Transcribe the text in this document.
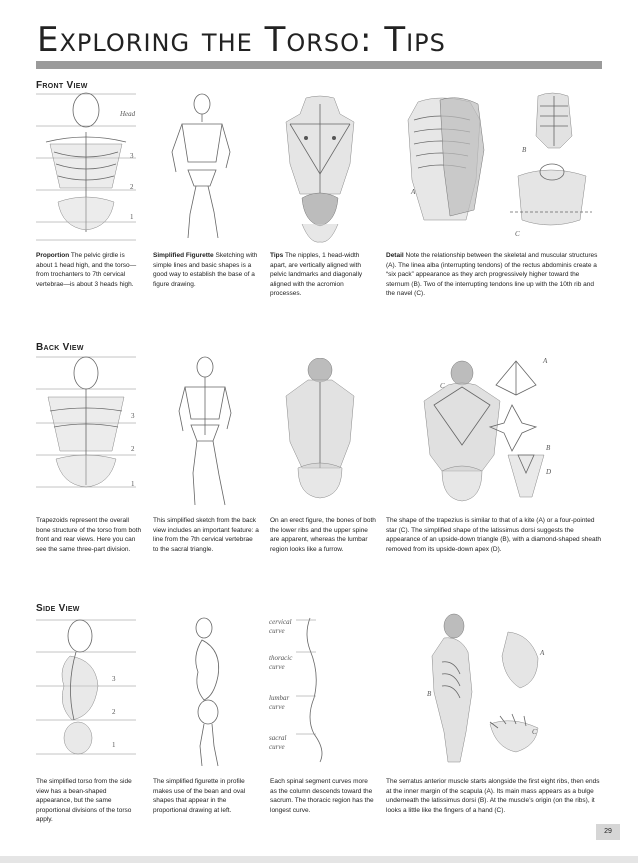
Exploring the Torso: Tips
Front View
Head
3
2
1
A
B
C
Proportion The pelvic girdle is about 1 head high, and the torso—from trochanters to 7th cervical vertebrae—is about 3 heads high.
Simplified Figurette Sketching with simple lines and basic shapes is a good way to establish the base of a figure drawing.
Tips The nipples, 1 head-width apart, are vertically aligned with pelvic landmarks and diagonally aligned with the acromion processes.
Detail Note the relationship between the skeletal and muscular structures (A). The linea alba (interrupting tendons) of the rectus abdominis create a “six pack” appearance as they arch progressively higher toward the sternum (B). Two of the interrupting tendons line up with the 10th rib and the navel (C).
Back View
3
2
1
A
C
B
D
Trapezoids represent the overall bone structure of the torso from both front and rear views. Here you can see the same three-part division.
This simplified sketch from the back view includes an important feature: a line from the 7th cervical vertebrae to the sacral triangle.
On an erect figure, the bones of both the lower ribs and the upper spine are apparent, whereas the lumbar region looks like a furrow.
The shape of the trapezius is similar to that of a kite (A) or a four-pointed star (C). The simplified shape of the latissimus dorsi suggests the appearance of an upside-down triangle (B), with a diamond-shaped sheath removed from its upside-down apex (D).
Side View
3
2
1
cervical
curve
thoracic
curve
lumbar
curve
sacral
curve
A
B
C
The simplified torso from the side view has a bean-shaped appearance, but the same proportional divisions of the torso apply.
The simplified figurette in profile makes use of the bean and oval shapes that appear in the proportional drawing at left.
Each spinal segment curves more as the column descends toward the sacrum. The thoracic region has the longest curve.
The serratus anterior muscle starts alongside the first eight ribs, then ends at the inner margin of the scapula (A). Its main mass appears as a bulge underneath the latissimus dorsi (B). At the muscle’s origin (on the ribs), it looks a little like the fingers of a hand (C).
29
